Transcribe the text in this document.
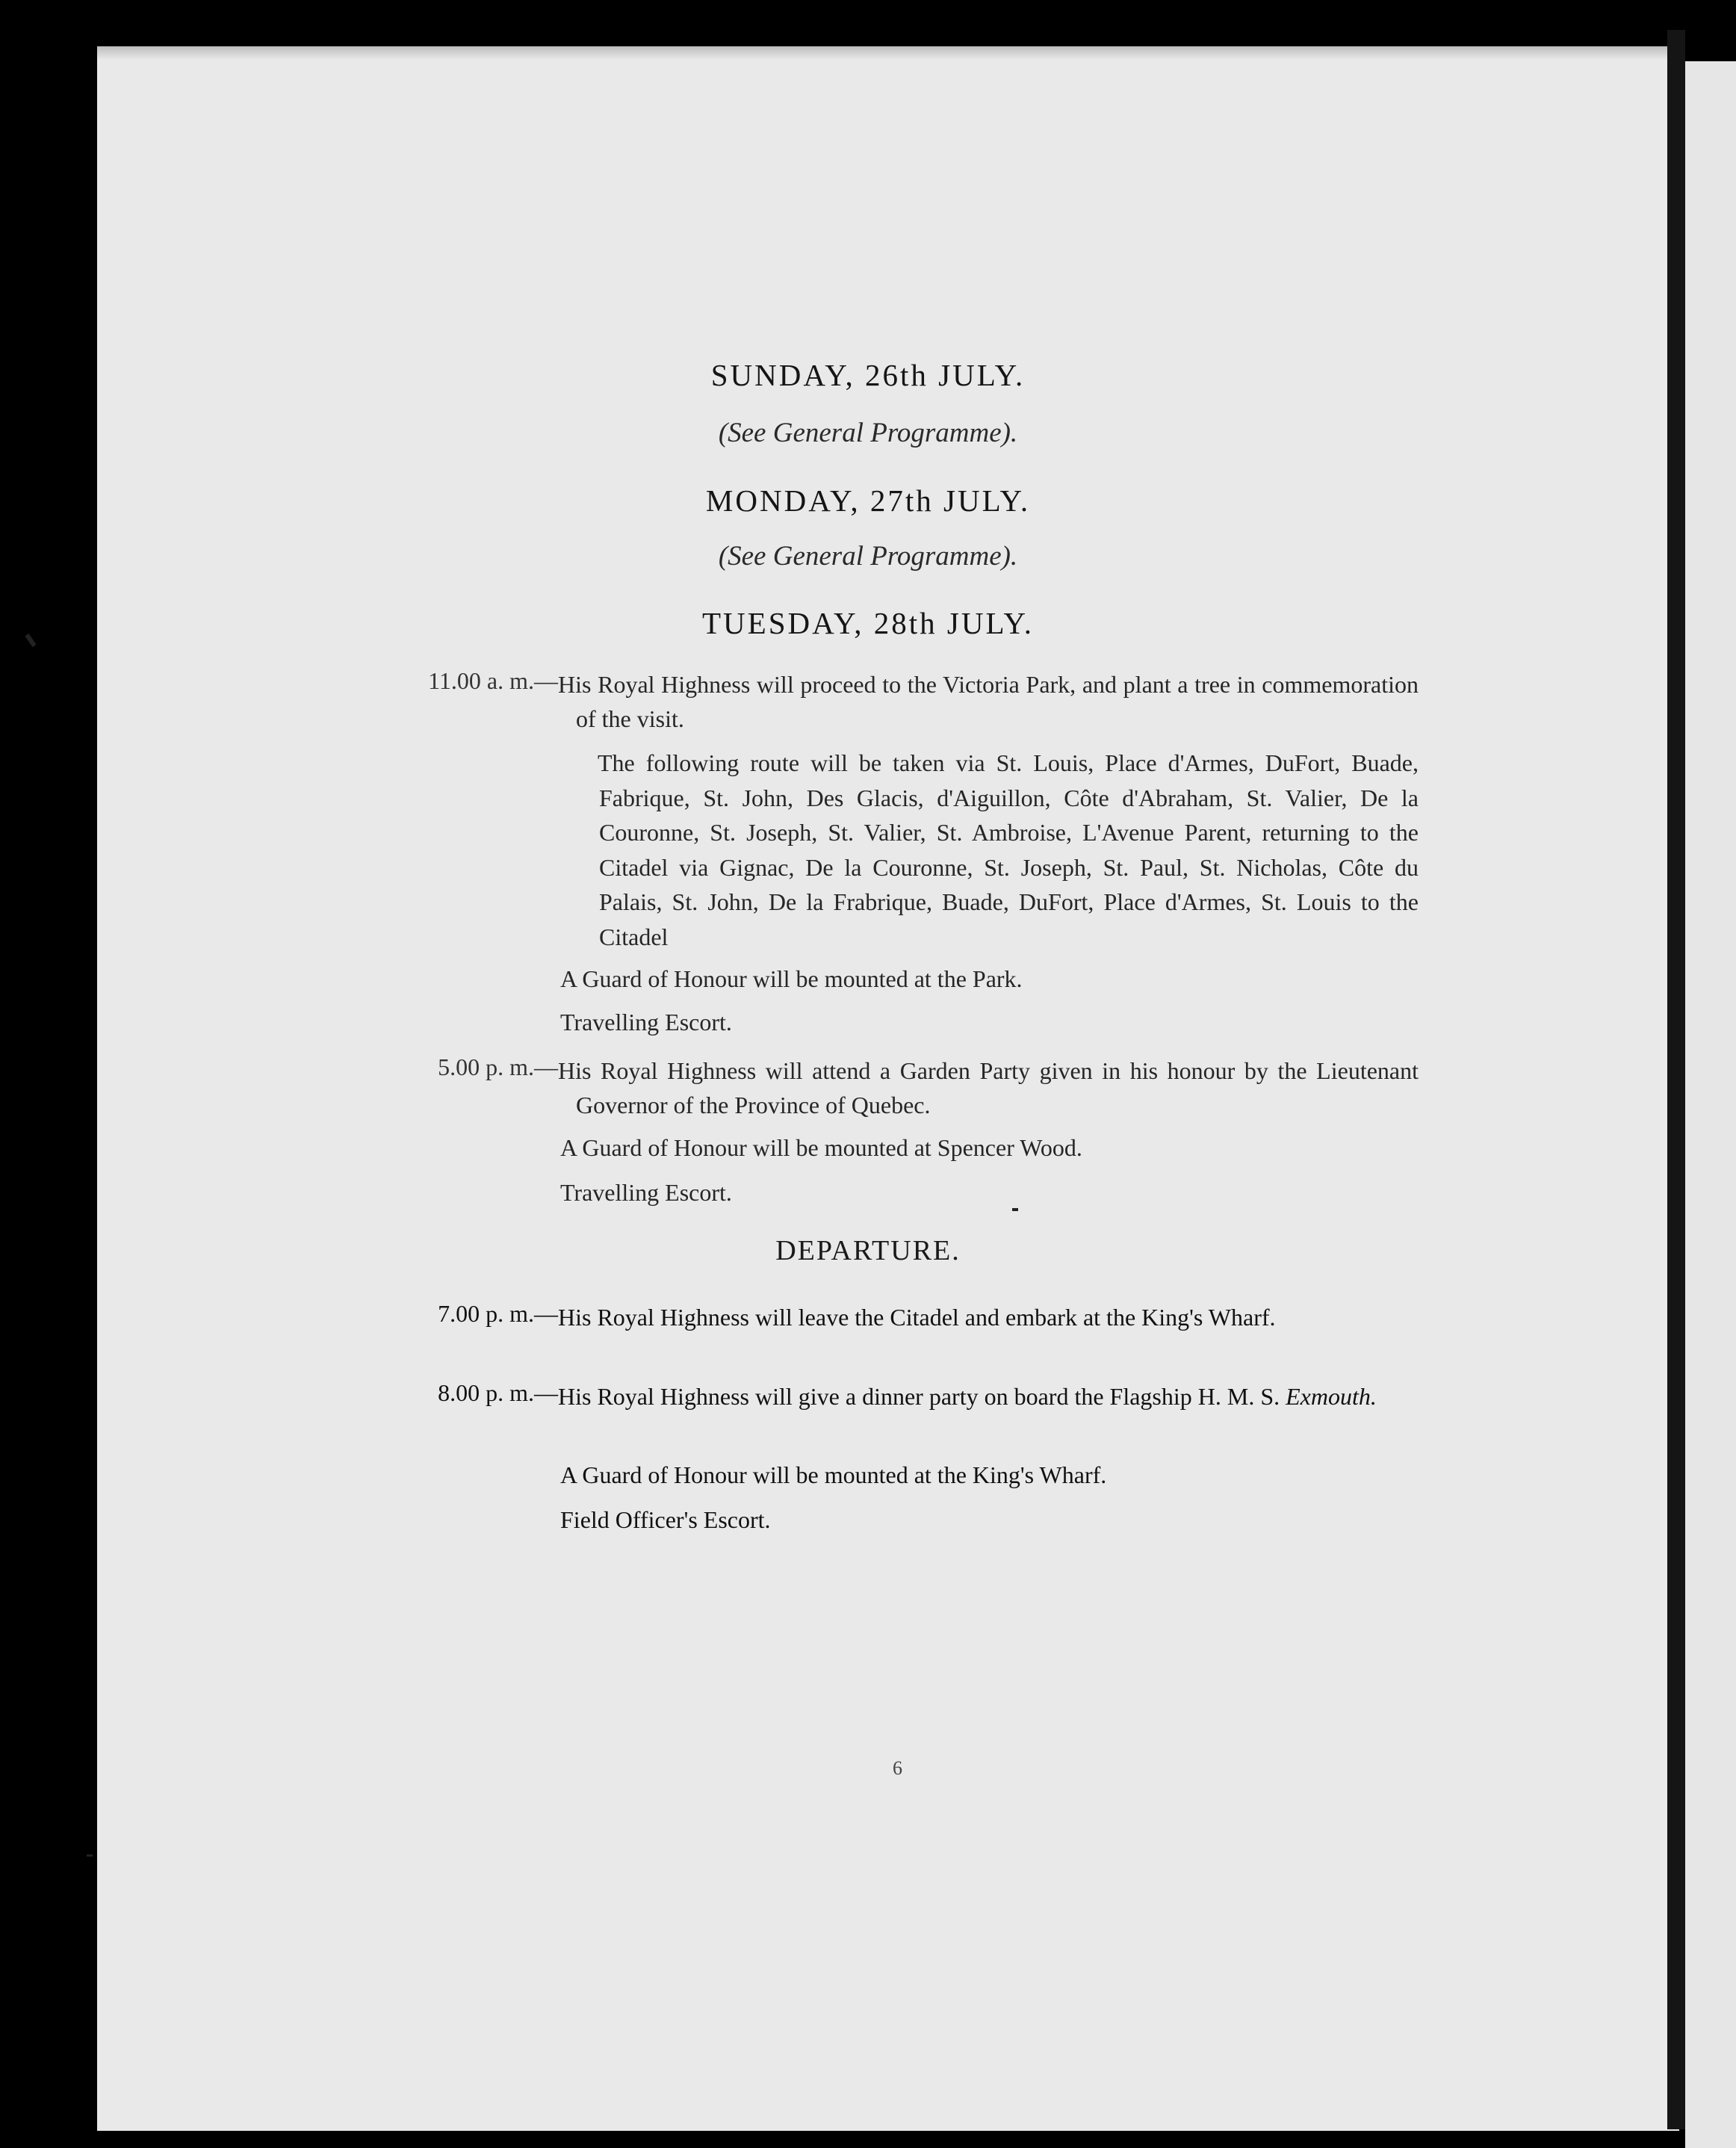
SUNDAY, 26th JULY.
(See General Programme).
MONDAY, 27th JULY.
(See General Programme).
TUESDAY, 28th JULY.
11.00 a. m.— His Royal Highness will proceed to the Victoria Park, and plant a tree in commemoration of the visit.
The following route will be taken via St. Louis, Place d'Armes, DuFort, Buade, Fabrique, St. John, Des Glacis, d'Aiguillon, Côte d'Abraham, St. Valier, De la Couronne, St. Joseph, St. Valier, St. Ambroise, L'Avenue Parent, returning to the Citadel via Gignac, De la Couronne, St. Joseph, St. Paul, St. Nicholas, Côte du Palais, St. John, De la Frabrique, Buade, DuFort, Place d'Armes, St. Louis to the Citadel
A Guard of Honour will be mounted at the Park.
Travelling Escort.
5.00 p. m.— His Royal Highness will attend a Garden Party given in his honour by the Lieutenant Governor of the Province of Quebec.
A Guard of Honour will be mounted at Spencer Wood.
Travelling Escort.
DEPARTURE.
7.00 p. m.— His Royal Highness will leave the Citadel and embark at the King's Wharf.
8.00 p. m.— His Royal Highness will give a dinner party on board the Flagship H. M. S. Exmouth.
A Guard of Honour will be mounted at the King's Wharf.
Field Officer's Escort.
6
